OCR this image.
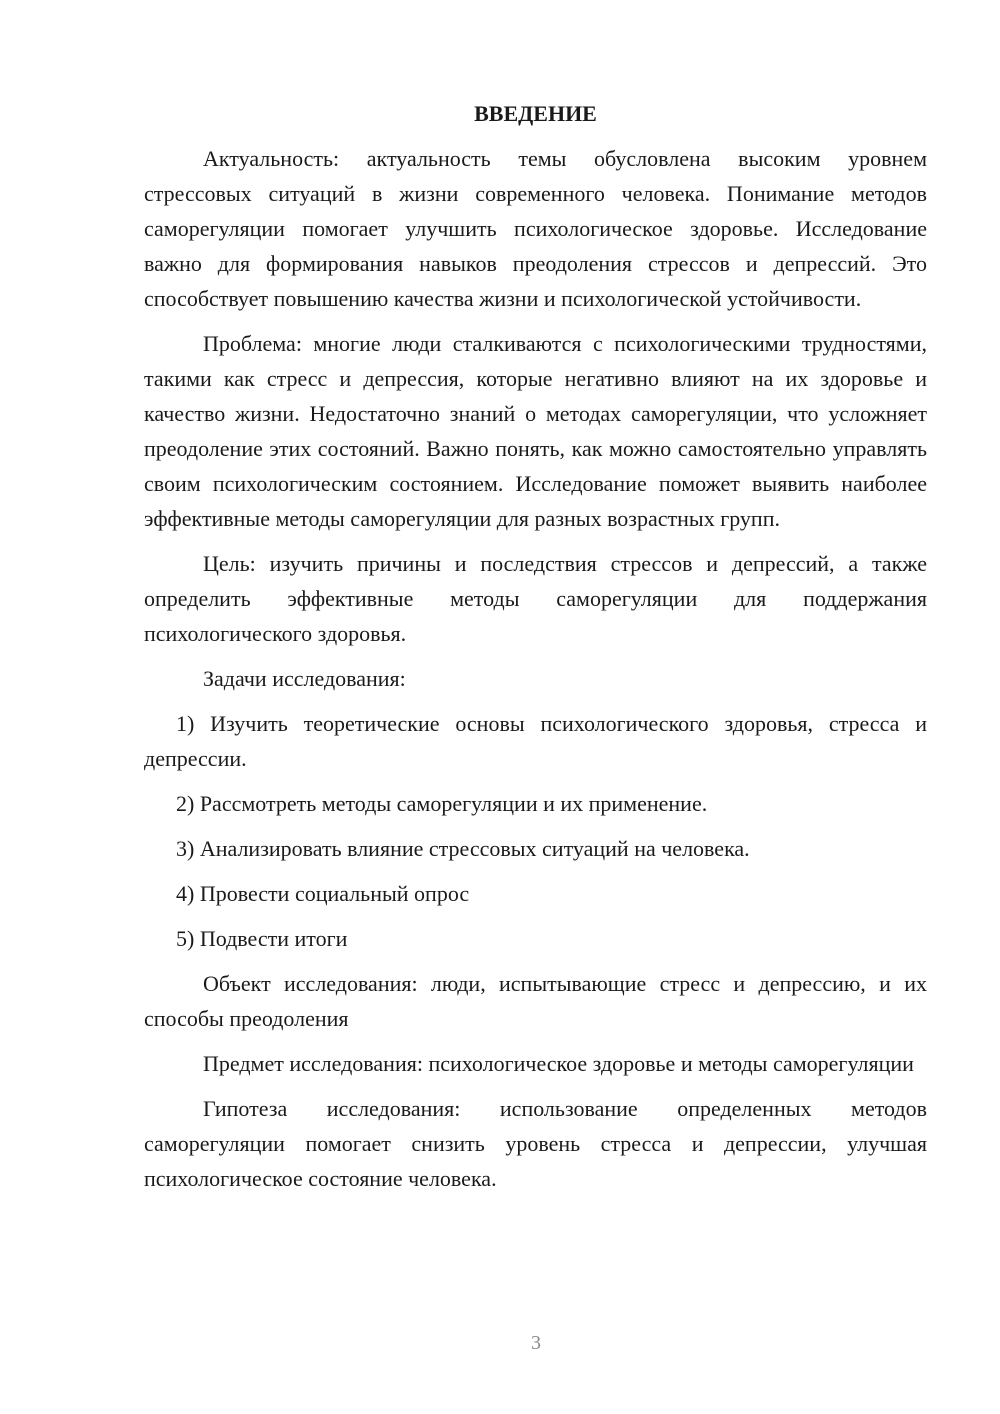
ВВЕДЕНИЕ

Актуальность: актуальность темы обусловлена высоким уровнем стрессовых ситуаций в жизни современного человека. Понимание методов саморегуляции помогает улучшить психологическое здоровье. Исследование важно для формирования навыков преодоления стрессов и депрессий. Это способствует повышению качества жизни и психологической устойчивости.

Проблема: многие люди сталкиваются с психологическими трудностями, такими как стресс и депрессия, которые негативно влияют на их здоровье и качество жизни. Недостаточно знаний о методах саморегуляции, что усложняет преодоление этих состояний. Важно понять, как можно самостоятельно управлять своим психологическим состоянием. Исследование поможет выявить наиболее эффективные методы саморегуляции для разных возрастных групп.

Цель: изучить причины и последствия стрессов и депрессий, а также определить эффективные методы саморегуляции для поддержания психологического здоровья.

Задачи исследования:

1) Изучить теоретические основы психологического здоровья, стресса и депрессии.

2) Рассмотреть методы саморегуляции и их применение.

3) Анализировать влияние стрессовых ситуаций на человека.

4) Провести социальный опрос

5) Подвести итоги

Объект исследования: люди, испытывающие стресс и депрессию, и их способы преодоления

Предмет исследования: психологическое здоровье и методы саморегуляции

Гипотеза исследования: использование определенных методов саморегуляции помогает снизить уровень стресса и депрессии, улучшая психологическое состояние человека.

3
